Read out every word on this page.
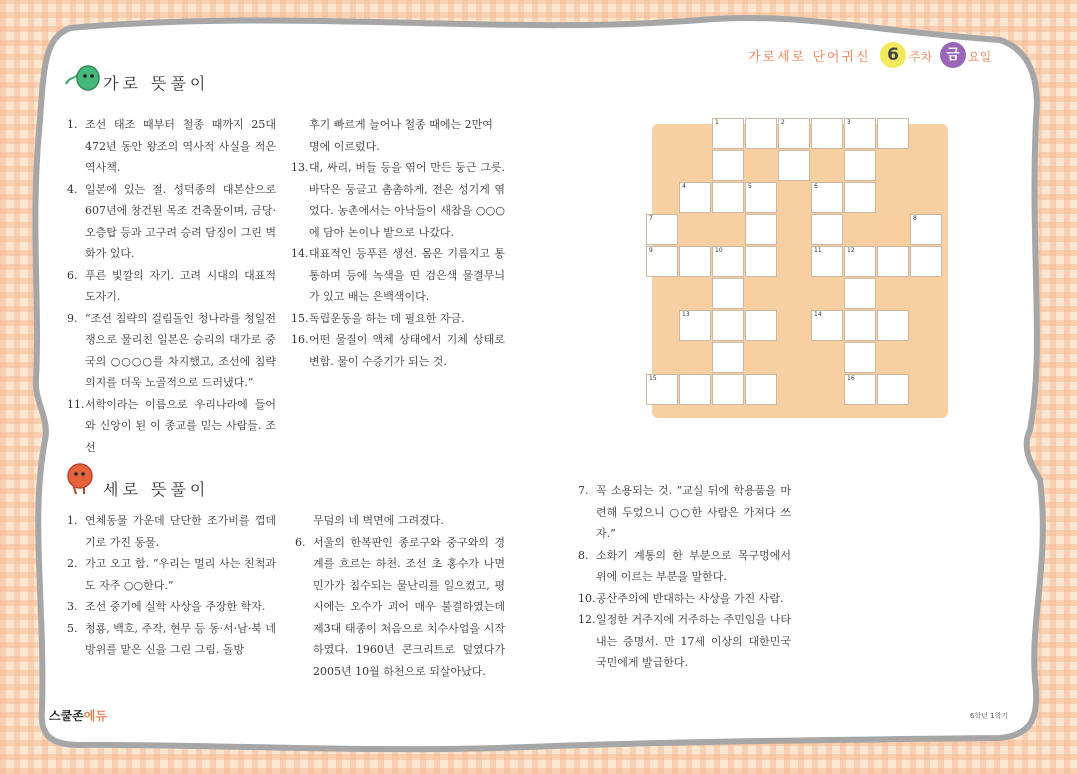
가로세로 단어귀신 6 주차	금 요일
가로 뜻풀이
1. 조선 태조 때부터 철종 때까지 25대 472년 동안 왕조의 역사적 사실을 적은 역사책.
4. 일본에 있는 절. 성덕종의 대본산으로 607년에 창건된 목조 건축물이며, 금당·오층탑 등과 고구려 승려 담징이 그린 벽화가 있다.
6. 푸른 빛깔의 자기. 고려 시대의 대표적 도자기.
9. “조선 침략의 걸림돌인 청나라를 청일전쟁으로 물리친 일본은 승리의 대가로 중국의 ○○○○를 차지했고, 조선에 침략 의지를 더욱 노골적으로 드러냈다.”
11. 서학이라는 이름으로 우리나라에 들어와 신앙이 된 이 종교를 믿는 사람들. 조선
후기 빠르게 늘어나 철종 때에는 2만여 명에 이르렀다.
13. 대, 싸리, 버들 등을 엮어 만든 둥근 그릇. 바닥은 둥글고 촘촘하게, 전은 성기게 엮었다. 농촌에서는 아낙들이 새참을 ○○○에 담아 논이나 밭으로 나갔다.
14. 대표적인 등푸른 생선. 몸은 기름지고 통통하며 등에 녹색을 띤 검은색 물결무늬가 있고 배는 은백색이다.
15. 독립운동을 하는 데 필요한 자금.
16. 어떤 물질이 액체 상태에서 기체 상태로 변함. 물이 수증기가 되는 것.
1	2	3
4	5	6
7	8
9	10	11	12
13	14
15	16
세로 뜻풀이
1. 연체동물 가운데 단단한 조가비를 껍데기로 가진 동물.
2. 가고 오고 함. “우리는 멀리 사는 친척과도 자주 ○○한다.”
3. 조선 중기에 실학 사상을 주장한 학자.
5. 청룡, 백호, 주작, 현무 등 동·서·남·북 네 방위를 맡은 신을 그린 그림. 돌방
무덤의 네 벽면에 그려졌다.
6. 서울의 한복판인 종로구와 중구와의 경계를 흐르는 하천. 조선 초 홍수가 나면 민가가 침수되는 물난리를 일으켰고, 평시에는 오수가 괴어 매우 불결하였는데 제3대 태종이 처음으로 치수사업을 시작하였다. 1960년 콘크리트로 덮였다가 2005년 10월 하천으로 되살아났다.
7. 꼭 소용되는 것. “교실 뒤에 학용품을 마련해 두었으니 ○○한 사람은 가져다 쓰자.”
8. 소화기 계통의 한 부분으로 목구멍에서 위에 이르는 부분을 말한다.
10. 공산주의에 반대하는 사상을 가진 사람.
12. 일정한 거주지에 거주하는 주민임을 나타내는 증명서. 만 17세 이상의 대한민국 국민에게 발급한다.
스쿨존에듀	6학년 1학기
